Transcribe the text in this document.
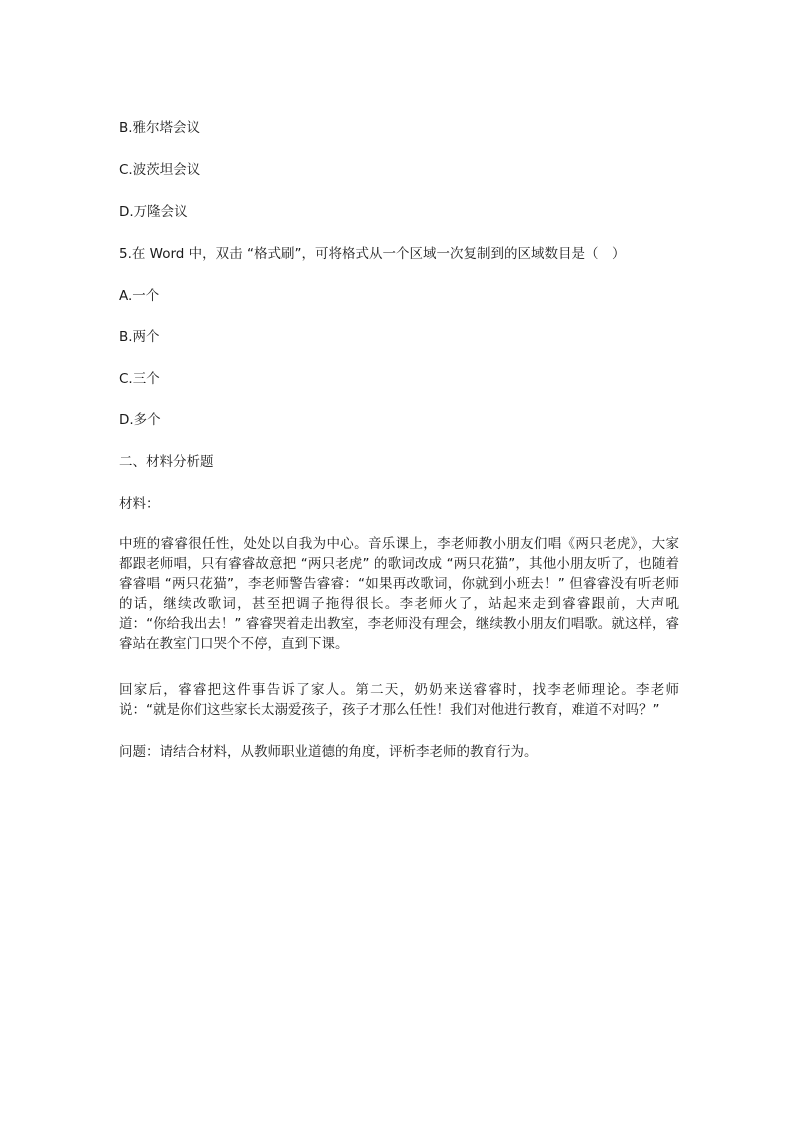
B.雅尔塔会议

C.波茨坦会议

D.万隆会议

5.在 Word 中，双击 “格式刷”，可将格式从一个区域一次复制到的区域数目是（　）

A.一个

B.两个

C.三个

D.多个

二、材料分析题

材料：

中班的睿睿很任性，处处以自我为中心。音乐课上，李老师教小朋友们唱《两只老虎》，大家都跟老师唱，只有睿睿故意把 “两只老虎” 的歌词改成 “两只花猫”，其他小朋友听了，也随着睿睿唱 “两只花猫”，李老师警告睿睿：“如果再改歌词，你就到小班去！” 但睿睿没有听老师的话，继续改歌词，甚至把调子拖得很长。李老师火了，站起来走到睿睿跟前，大声吼道：“你给我出去！” 睿睿哭着走出教室，李老师没有理会，继续教小朋友们唱歌。就这样，睿睿站在教室门口哭个不停，直到下课。

回家后，睿睿把这件事告诉了家人。第二天，奶奶来送睿睿时，找李老师理论。李老师说：“就是你们这些家长太溺爱孩子，孩子才那么任性！我们对他进行教育，难道不对吗？”

问题：请结合材料，从教师职业道德的角度，评析李老师的教育行为。
